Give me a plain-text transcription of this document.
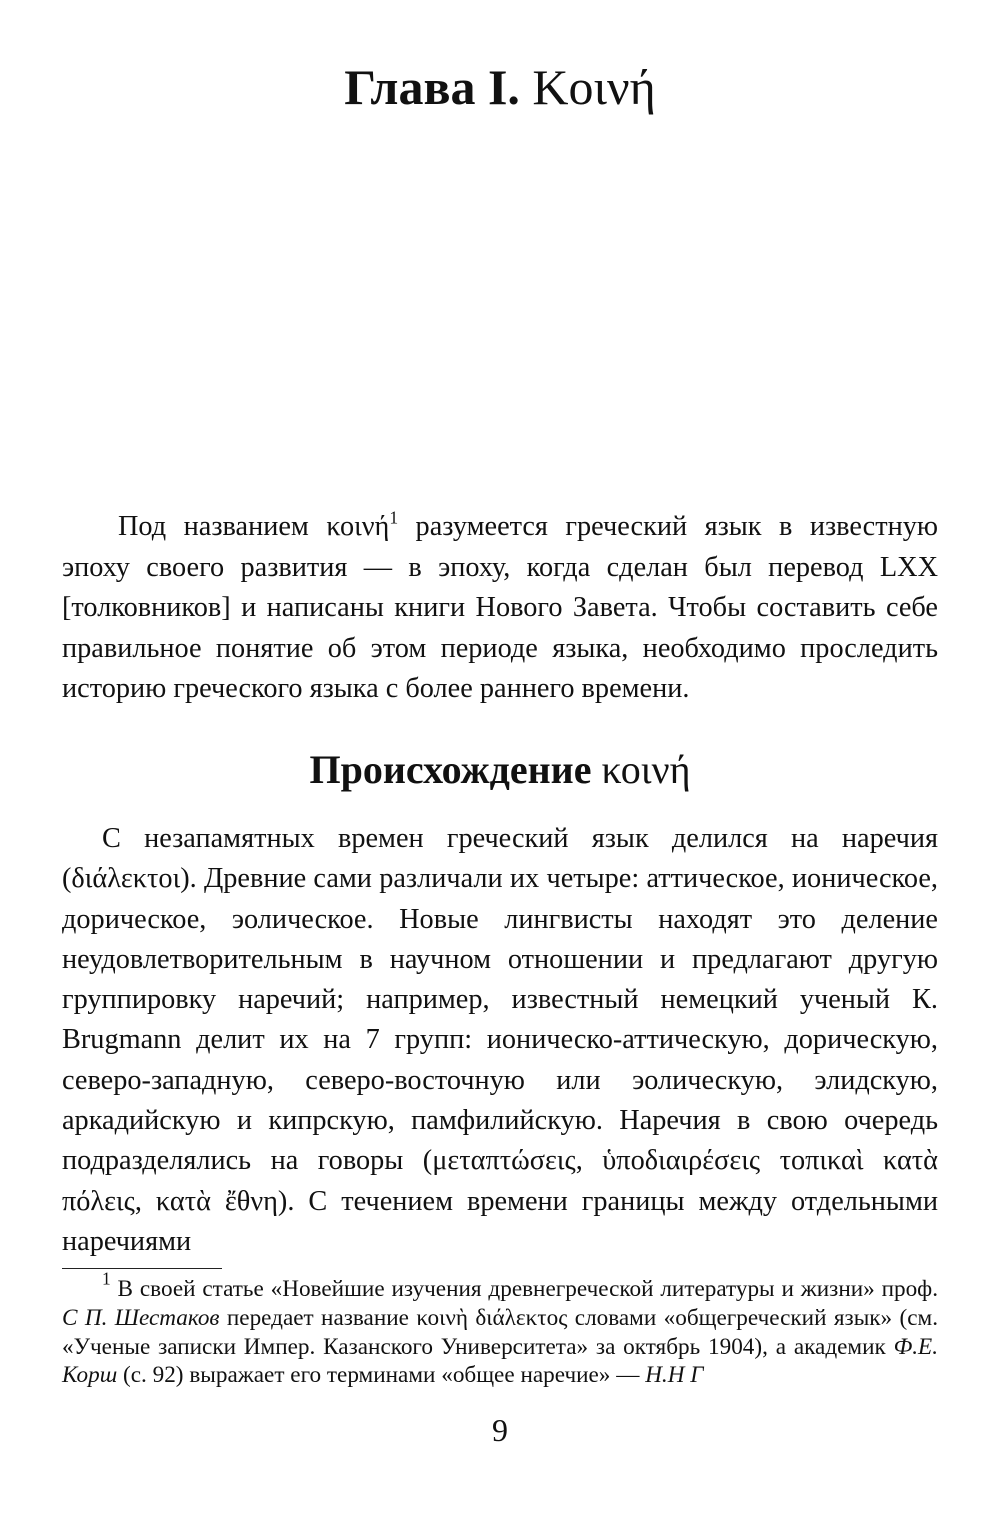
Глава I. Κοινή

Под названием κοινή$^1$ разумеется греческий язык в известную эпоху своего развития — в эпоху, когда сделан был перевод LXX [толковников] и написаны книги Нового Завета. Чтобы составить себе правильное понятие об этом периоде языка, необходимо проследить историю греческого языка с более раннего времени.

Происхождение κοινή

С незапамятных времен греческий язык делился на наречия (διάλεκτοι). Древние сами различали их четыре: аттическое, ионическое, дорическое, эолическое. Новые лингвисты находят это деление неудовлетворительным в научном отношении и предлагают другую группировку наречий; например, известный немецкий ученый К. Brugmann делит их на 7 групп: ионическо-аттическую, дорическую, северо-западную, северо-восточную или эолическую, элидскую, аркадийскую и кипрскую, памфилийскую. Наречия в свою очередь подразделялись на говоры (μεταπτώσεις, ὑποδιαιρέσεις τοπικαὶ κατὰ πόλεις, κατὰ ἔθνη). С течением времени границы между отдельными наречиями

$^1$ В своей статье «Новейшие изучения древнегреческой литературы и жизни» проф. С П. Шестаков передает название κοινὴ διάλεκτος словами «общегреческий язык» (см. «Ученые записки Импер. Казанского Университета» за октябрь 1904), а академик Ф.Е. Корш (с. 92) выражает его терминами «общее наречие» — Н.Н Г

9
